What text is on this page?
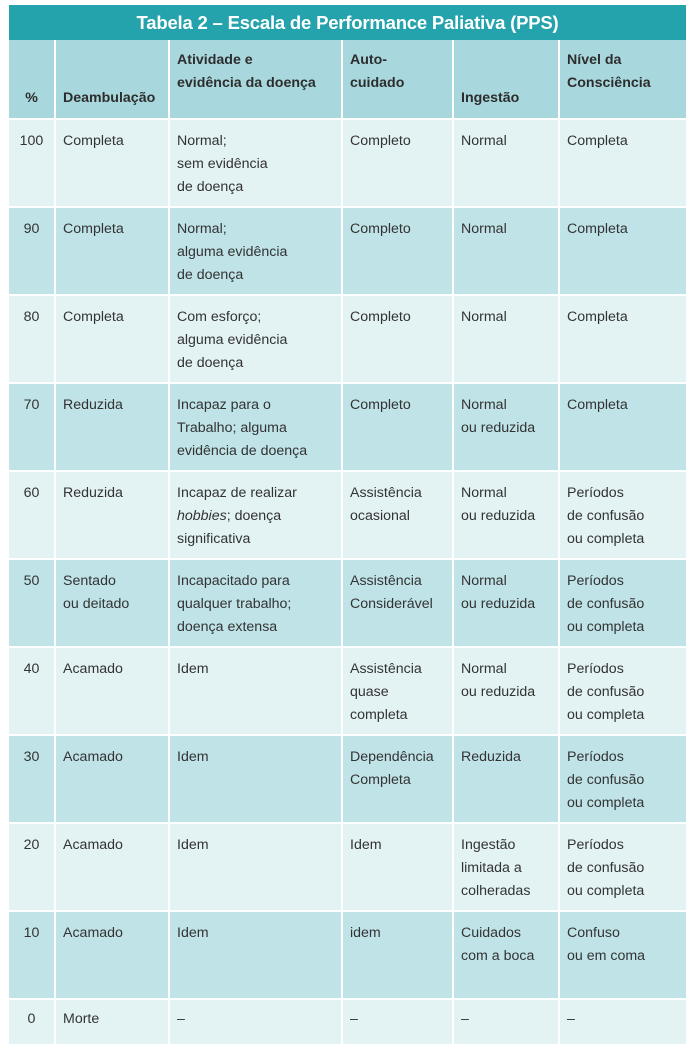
Tabela 2 – Escala de Performance Paliativa (PPS)
%	Deambulação	Atividade e
evidência da doença	Auto-
cuidado	Ingestão	Nível da
Consciência

100	Completa	Normal;
sem evidência
de doença	Completo	Normal	Completa

90	Completa	Normal;
alguma evidência
de doença	Completo	Normal	Completa

80	Completa	Com esforço;
alguma evidência
de doença	Completo	Normal	Completa

70	Reduzida	Incapaz para o
Trabalho; alguma
evidência de doença	Completo	Normal
ou reduzida	Completa

60	Reduzida	Incapaz de realizar
hobbies; doença
significativa	Assistência
ocasional	Normal
ou reduzida	Períodos
de confusão
ou completa

50	Sentado
ou deitado	Incapacitado para
qualquer trabalho;
doença extensa	Assistência
Considerável	Normal
ou reduzida	Períodos
de confusão
ou completa

40	Acamado	Idem	Assistência
quase
completa	Normal
ou reduzida	Períodos
de confusão
ou completa

30	Acamado	Idem	Dependência
Completa	Reduzida	Períodos
de confusão
ou completa

20	Acamado	Idem	Idem	Ingestão
limitada a
colheradas	Períodos
de confusão
ou completa

10	Acamado	Idem	idem	Cuidados
com a boca	Confuso
ou em coma

0	Morte	–	–	–	–
